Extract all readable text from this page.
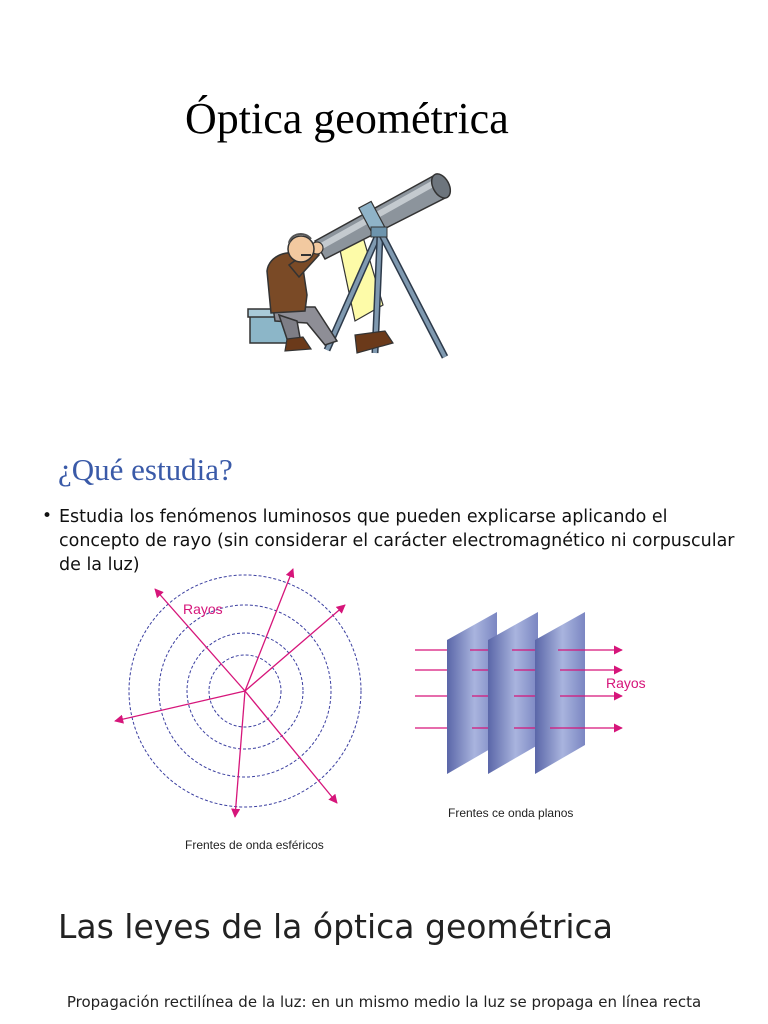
Óptica geométrica
¿Qué estudia?
• Estudia los fenómenos luminosos que pueden explicarse aplicando el concepto de rayo (sin considerar el carácter electromagnético ni corpuscular de la luz)
Rayos
Frentes de onda esféricos
Rayos
Frentes ce onda planos
Las leyes de la óptica geométrica

Propagación rectilínea de la luz: en un mismo medio la luz se propaga en línea recta
